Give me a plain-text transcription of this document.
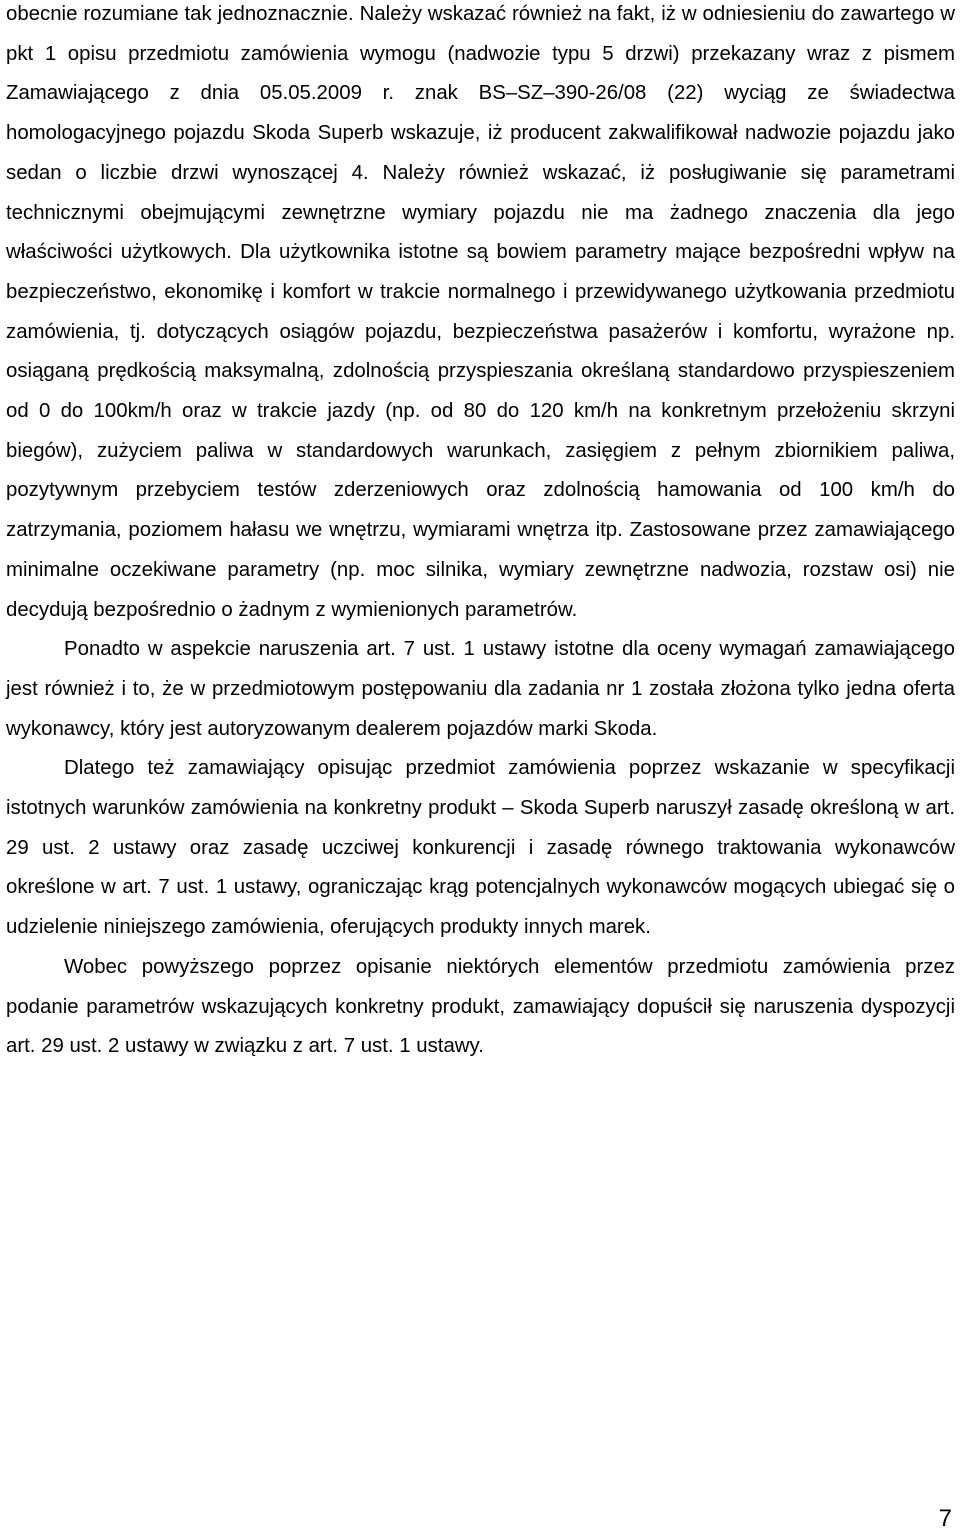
obecnie rozumiane tak jednoznacznie. Należy wskazać również na fakt, iż w odniesieniu do zawartego w pkt 1 opisu przedmiotu zamówienia wymogu (nadwozie typu 5 drzwi) przekazany wraz z pismem Zamawiającego z dnia 05.05.2009 r. znak BS–SZ–390-26/08 (22) wyciąg ze świadectwa homologacyjnego pojazdu Skoda Superb wskazuje, iż producent zakwalifikował nadwozie pojazdu jako sedan o liczbie drzwi wynoszącej 4. Należy również wskazać, iż posługiwanie się parametrami technicznymi obejmującymi zewnętrzne wymiary pojazdu nie ma żadnego znaczenia dla jego właściwości użytkowych. Dla użytkownika istotne są bowiem parametry mające bezpośredni wpływ na bezpieczeństwo, ekonomikę i komfort w trakcie normalnego i przewidywanego użytkowania przedmiotu zamówienia, tj. dotyczących osiągów pojazdu, bezpieczeństwa pasażerów i komfortu, wyrażone np. osiąganą prędkością maksymalną, zdolnością przyspieszania określaną standardowo przyspieszeniem od 0 do 100km/h oraz w trakcie jazdy (np. od 80 do 120 km/h na konkretnym przełożeniu skrzyni biegów), zużyciem paliwa w standardowych warunkach, zasięgiem z pełnym zbiornikiem paliwa, pozytywnym przebyciem testów zderzeniowych oraz zdolnością hamowania od 100 km/h do zatrzymania, poziomem hałasu we wnętrzu, wymiarami wnętrza itp. Zastosowane przez zamawiającego minimalne oczekiwane parametry (np. moc silnika, wymiary zewnętrzne nadwozia, rozstaw osi) nie decydują bezpośrednio o żadnym z wymienionych parametrów.

Ponadto w aspekcie naruszenia art. 7 ust. 1 ustawy istotne dla oceny wymagań zamawiającego jest również i to, że w przedmiotowym postępowaniu dla zadania nr 1 została złożona tylko jedna oferta wykonawcy, który jest autoryzowanym dealerem pojazdów marki Skoda.

Dlatego też zamawiający opisując przedmiot zamówienia poprzez wskazanie w specyfikacji istotnych warunków zamówienia na konkretny produkt – Skoda Superb naruszył zasadę określoną w art. 29 ust. 2 ustawy oraz zasadę uczciwej konkurencji i zasadę równego traktowania wykonawców określone w art. 7 ust. 1 ustawy, ograniczając krąg potencjalnych wykonawców mogących ubiegać się o udzielenie niniejszego zamówienia, oferujących produkty innych marek.

Wobec powyższego poprzez opisanie niektórych elementów przedmiotu zamówienia przez podanie parametrów wskazujących konkretny produkt, zamawiający dopuścił się naruszenia dyspozycji art. 29 ust. 2 ustawy w związku z art. 7 ust. 1 ustawy.

7
